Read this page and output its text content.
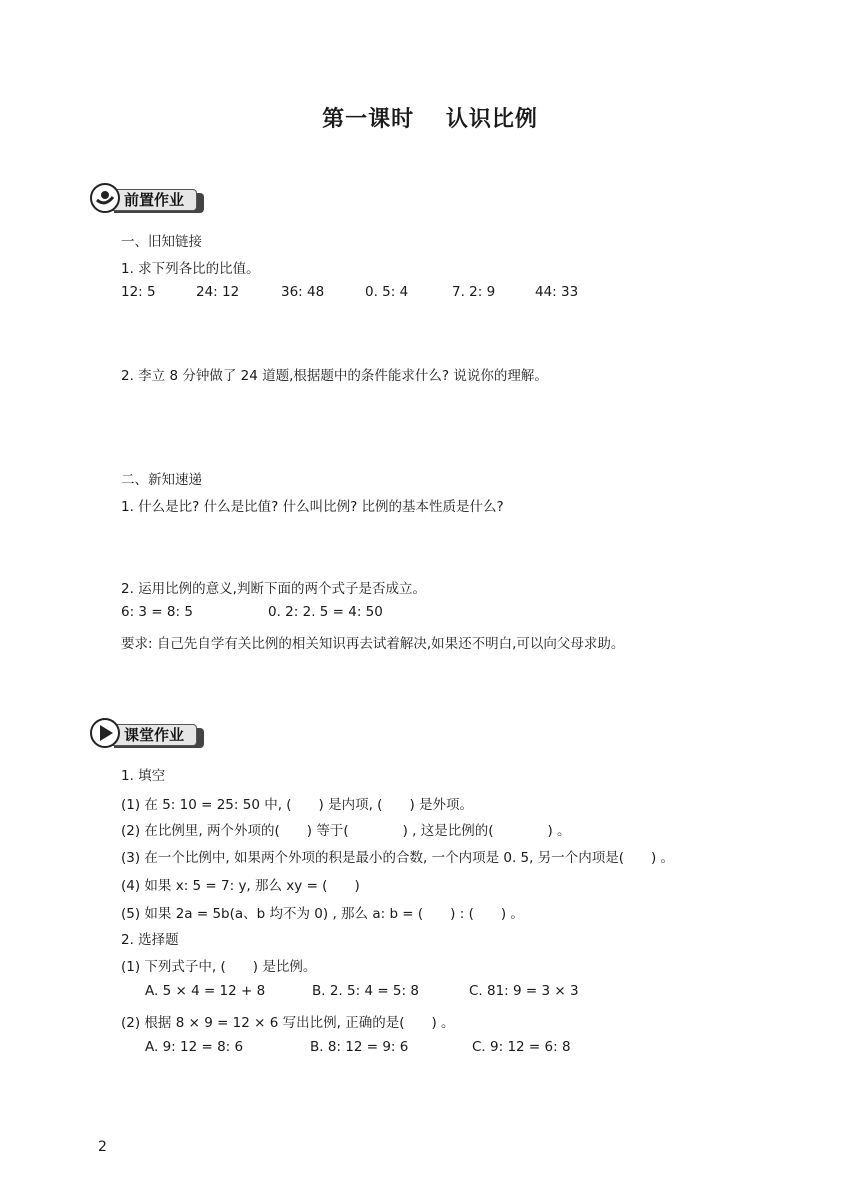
第一课时　 认识比例
前置作业
一、旧知链接
1. 求下列各比的比值。
12: 5	24: 12	36: 48	0. 5: 4	7. 2: 9	44: 33
2. 李立 8 分钟做了 24 道题,根据题中的条件能求什么? 说说你的理解。
二、新知速递
1. 什么是比? 什么是比值? 什么叫比例? 比例的基本性质是什么?
2. 运用比例的意义,判断下面的两个式子是否成立。
6: 3 = 8: 5	0. 2: 2. 5 = 4: 50
要求: 自己先自学有关比例的相关知识再去试着解决,如果还不明白,可以向父母求助。
课堂作业
1. 填空
(1) 在 5: 10 = 25: 50 中, (　　) 是内项, (　　) 是外项。
(2) 在比例里, 两个外项的(　　) 等于(　　　　) , 这是比例的(　　　　) 。
(3) 在一个比例中, 如果两个外项的积是最小的合数, 一个内项是 0. 5, 另一个内项是(　　) 。
(4) 如果 x: 5 = 7: y, 那么 xy = (　　)
(5) 如果 2a = 5b(a、b 均不为 0) , 那么 a: b = (　　) : (　　) 。
2. 选择题
(1) 下列式子中, (　　) 是比例。
A. 5 × 4 = 12 + 8	B. 2. 5: 4 = 5: 8	C. 81: 9 = 3 × 3
(2) 根据 8 × 9 = 12 × 6 写出比例, 正确的是(　　) 。
A. 9: 12 = 8: 6	B. 8: 12 = 9: 6	C. 9: 12 = 6: 8
2
